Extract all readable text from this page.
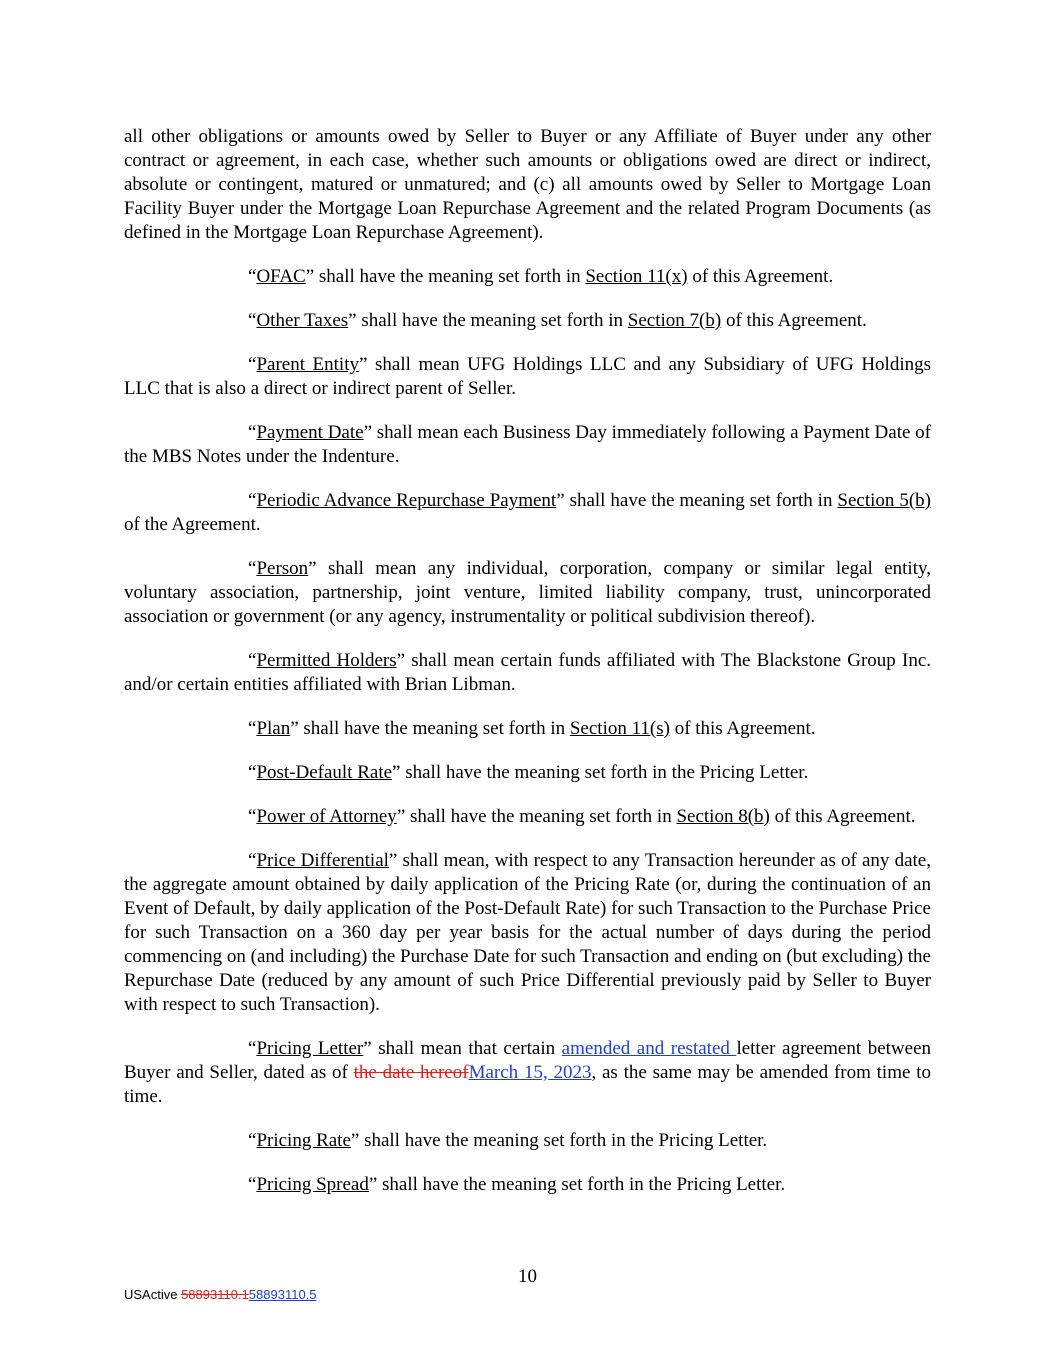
all other obligations or amounts owed by Seller to Buyer or any Affiliate of Buyer under any other contract or agreement, in each case, whether such amounts or obligations owed are direct or indirect, absolute or contingent, matured or unmatured; and (c) all amounts owed by Seller to Mortgage Loan Facility Buyer under the Mortgage Loan Repurchase Agreement and the related Program Documents (as defined in the Mortgage Loan Repurchase Agreement).

“OFAC” shall have the meaning set forth in Section 11(x) of this Agreement.

“Other Taxes” shall have the meaning set forth in Section 7(b) of this Agreement.

“Parent Entity” shall mean UFG Holdings LLC and any Subsidiary of UFG Holdings LLC that is also a direct or indirect parent of Seller.

“Payment Date” shall mean each Business Day immediately following a Payment Date of the MBS Notes under the Indenture.

“Periodic Advance Repurchase Payment” shall have the meaning set forth in Section 5(b) of the Agreement.

“Person” shall mean any individual, corporation, company or similar legal entity, voluntary association, partnership, joint venture, limited liability company, trust, unincorporated association or government (or any agency, instrumentality or political subdivision thereof).

“Permitted Holders” shall mean certain funds affiliated with The Blackstone Group Inc. and/or certain entities affiliated with Brian Libman.

“Plan” shall have the meaning set forth in Section 11(s) of this Agreement.

“Post-Default Rate” shall have the meaning set forth in the Pricing Letter.

“Power of Attorney” shall have the meaning set forth in Section 8(b) of this Agreement.

“Price Differential” shall mean, with respect to any Transaction hereunder as of any date, the aggregate amount obtained by daily application of the Pricing Rate (or, during the continuation of an Event of Default, by daily application of the Post-Default Rate) for such Transaction to the Purchase Price for such Transaction on a 360 day per year basis for the actual number of days during the period commencing on (and including) the Purchase Date for such Transaction and ending on (but excluding) the Repurchase Date (reduced by any amount of such Price Differential previously paid by Seller to Buyer with respect to such Transaction).

“Pricing Letter” shall mean that certain amended and restated letter agreement between Buyer and Seller, dated as of the date hereofMarch 15, 2023, as the same may be amended from time to time.

“Pricing Rate” shall have the meaning set forth in the Pricing Letter.

“Pricing Spread” shall have the meaning set forth in the Pricing Letter.

10
USActive 58893110.158893110.5
